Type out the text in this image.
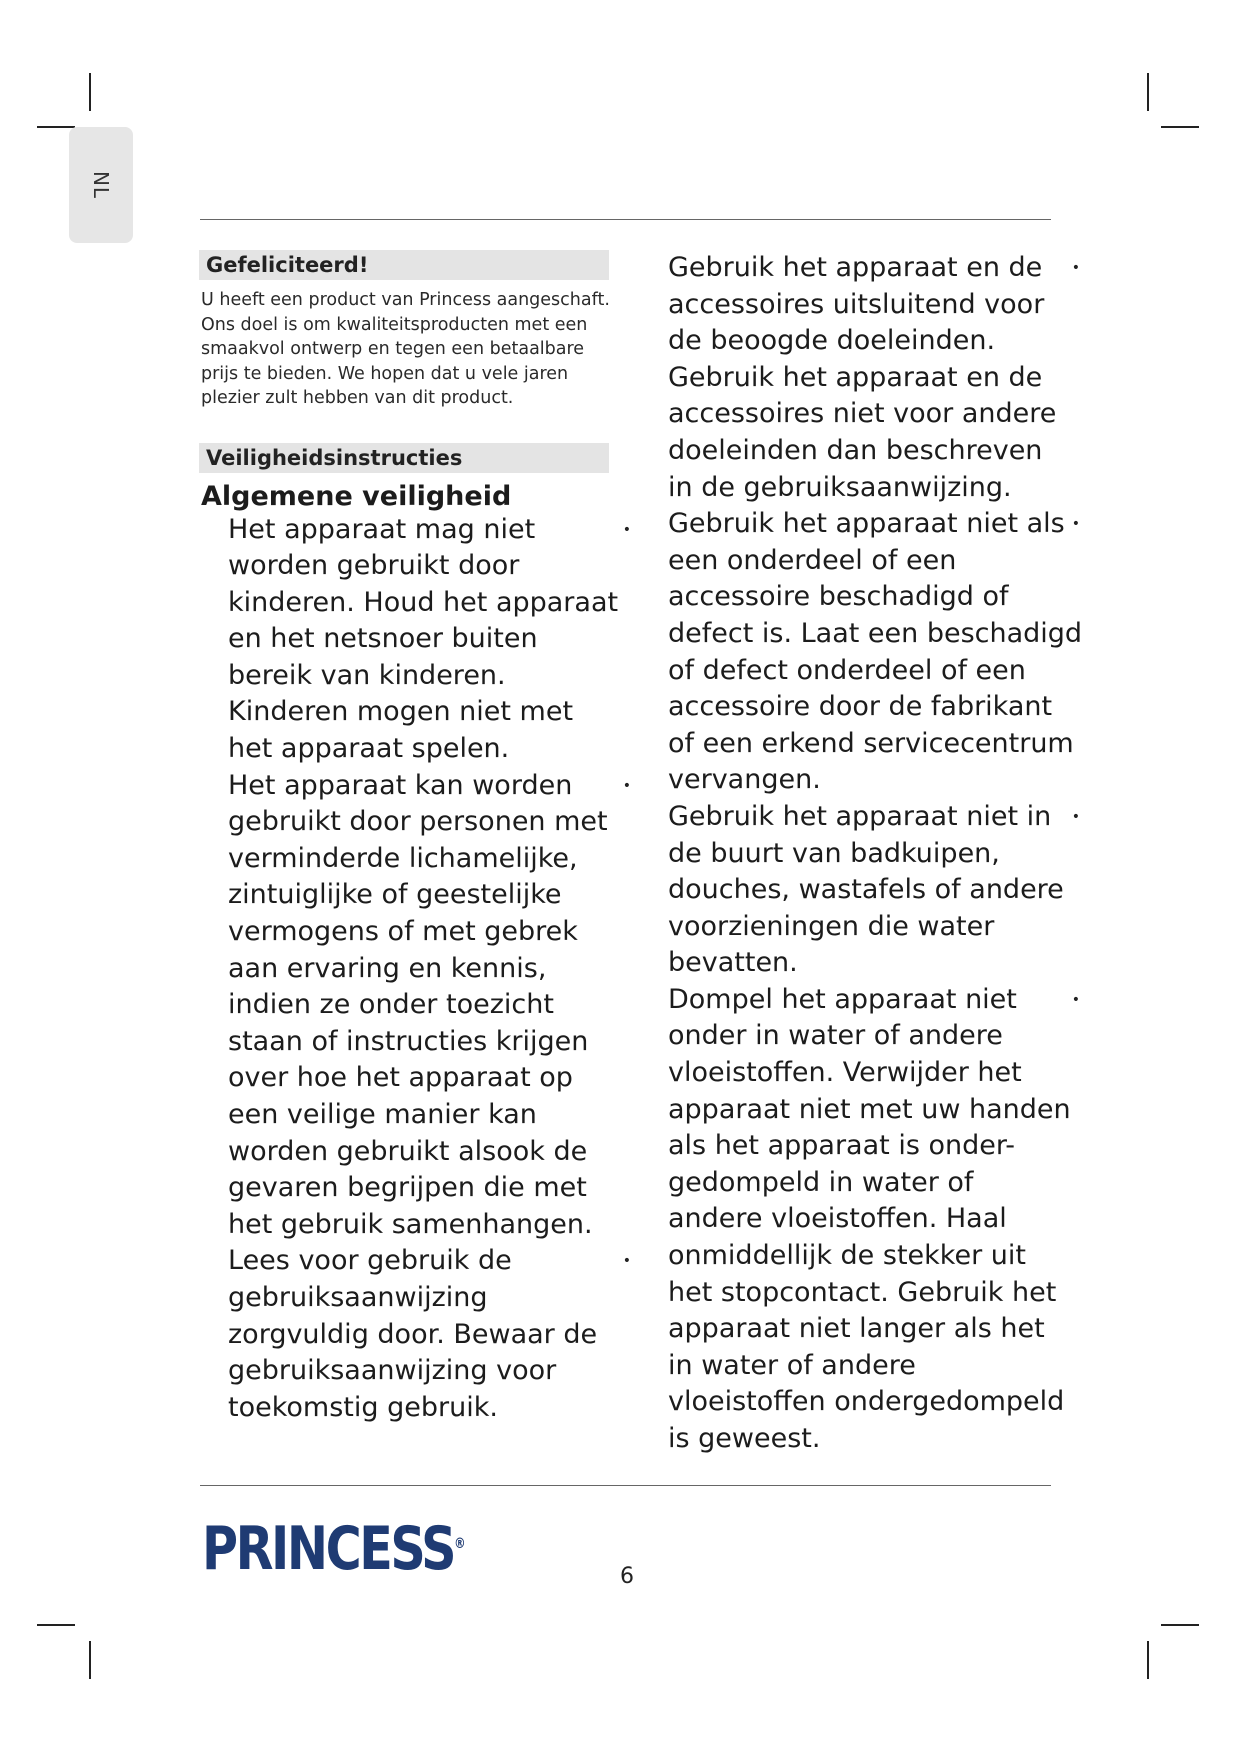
NL
Gefeliciteerd!
U heeft een product van Princess aangeschaft.
Ons doel is om kwaliteitsproducten met een
smaakvol ontwerp en tegen een betaalbare
prijs te bieden. We hopen dat u vele jaren
plezier zult hebben van dit product.
Veiligheidsinstructies
Algemene veiligheid
•

Het apparaat mag niet

worden gebruikt door

kinderen. Houd het apparaat

en het netsnoer buiten

bereik van kinderen.

Kinderen mogen niet met

het apparaat spelen.

•

Het apparaat kan worden

gebruikt door personen met

verminderde lichamelijke,

zintuiglijke of geestelijke

vermogens of met gebrek

aan ervaring en kennis,

indien ze onder toezicht

staan of instructies krijgen

over hoe het apparaat op

een veilige manier kan

worden gebruikt alsook de

gevaren begrijpen die met

het gebruik samenhangen.

•

Lees voor gebruik de

gebruiksaanwijzing

zorgvuldig door. Bewaar de

gebruiksaanwijzing voor

toekomstig gebruik.

•

Gebruik het apparaat en de

accessoires uitsluitend voor

de beoogde doeleinden.

Gebruik het apparaat en de

accessoires niet voor andere

doeleinden dan beschreven

in de gebruiksaanwijzing.

•

Gebruik het apparaat niet als

een onderdeel of een

accessoire beschadigd of

defect is. Laat een beschadigd

of defect onderdeel of een

accessoire door de fabrikant

of een erkend servicecentrum

vervangen.

•

Gebruik het apparaat niet in

de buurt van badkuipen,

douches, wastafels of andere

voorzieningen die water

bevatten.

•

Dompel het apparaat niet

onder in water of andere

vloeistoffen. Verwijder het

apparaat niet met uw handen

als het apparaat is onder-

gedompeld in water of

andere vloeistoffen. Haal

onmiddellijk de stekker uit

het stopcontact. Gebruik het

apparaat niet langer als het

in water of andere

vloeistoffen ondergedompeld

is geweest.

PRINCESS®
6
